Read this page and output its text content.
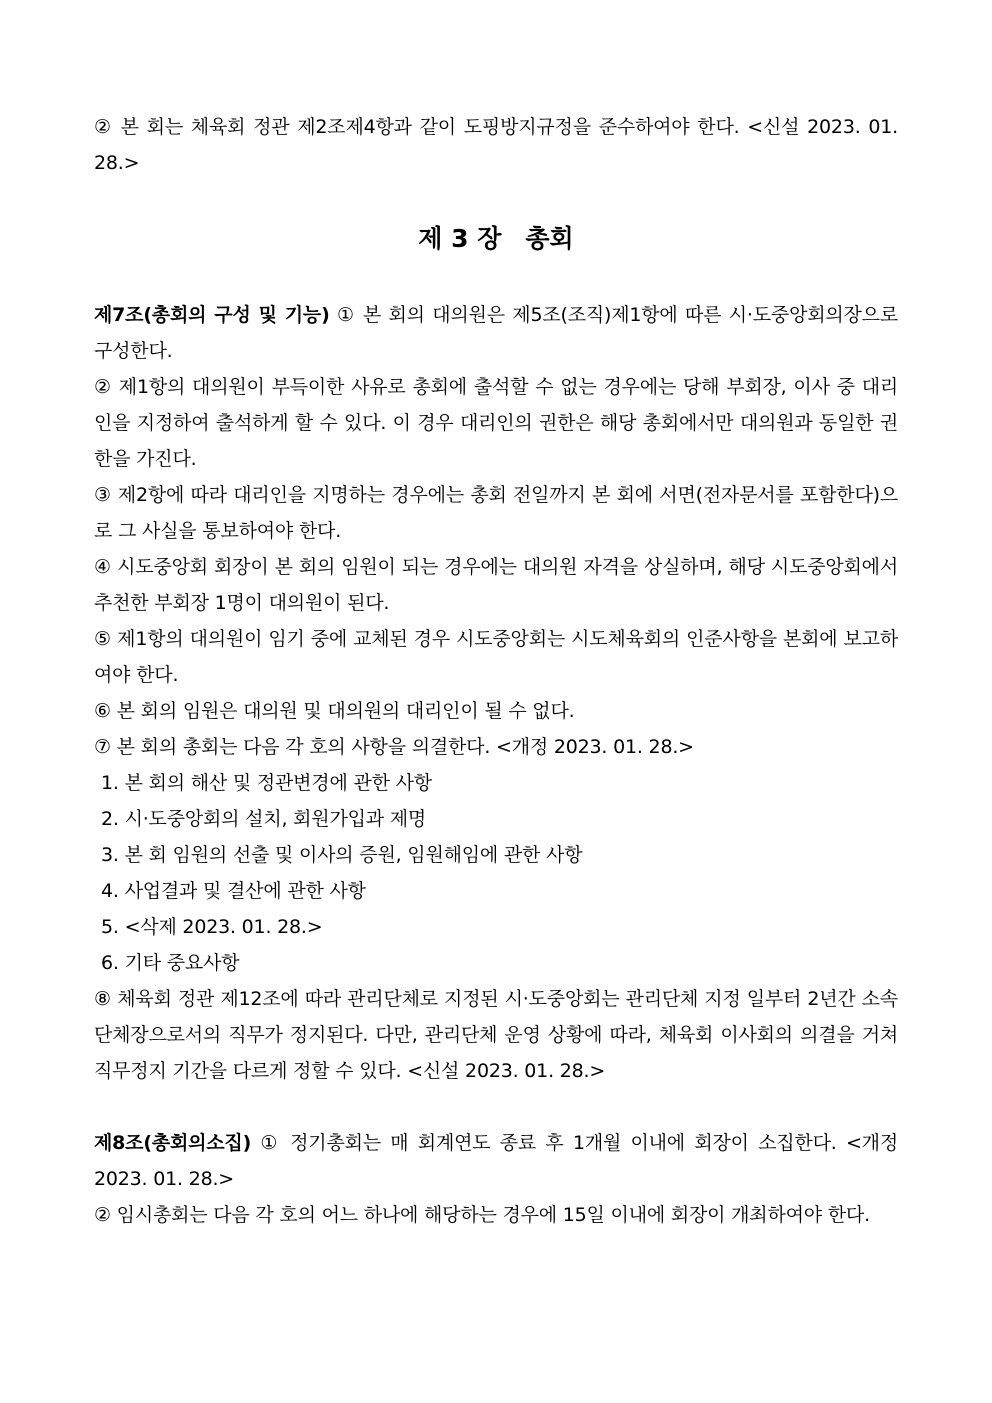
② 본 회는 체육회 정관 제2조제4항과 같이 도핑방지규정을 준수하여야 한다. <신설 2023. 01. 28.>

제 3 장 총회

제7조(총회의 구성 및 기능) ① 본 회의 대의원은 제5조(조직)제1항에 따른 시·도중앙회의장으로 구성한다.

② 제1항의 대의원이 부득이한 사유로 총회에 출석할 수 없는 경우에는 당해 부회장, 이사 중 대리인을 지정하여 출석하게 할 수 있다. 이 경우 대리인의 권한은 해당 총회에서만 대의원과 동일한 권한을 가진다.

③ 제2항에 따라 대리인을 지명하는 경우에는 총회 전일까지 본 회에 서면(전자문서를 포함한다)으로 그 사실을 통보하여야 한다.

④ 시도중앙회 회장이 본 회의 임원이 되는 경우에는 대의원 자격을 상실하며, 해당 시도중앙회에서 추천한 부회장 1명이 대의원이 된다.

⑤ 제1항의 대의원이 임기 중에 교체된 경우 시도중앙회는 시도체육회의 인준사항을 본회에 보고하여야 한다.

⑥ 본 회의 임원은 대의원 및 대의원의 대리인이 될 수 없다.

⑦ 본 회의 총회는 다음 각 호의 사항을 의결한다. <개정 2023. 01. 28.>

1. 본 회의 해산 및 정관변경에 관한 사항

2. 시·도중앙회의 설치, 회원가입과 제명

3. 본 회 임원의 선출 및 이사의 증원, 임원해임에 관한 사항

4. 사업결과 및 결산에 관한 사항

5. <삭제 2023. 01. 28.>

6. 기타 중요사항

⑧ 체육회 정관 제12조에 따라 관리단체로 지정된 시·도중앙회는 관리단체 지정 일부터 2년간 소속 단체장으로서의 직무가 정지된다. 다만, 관리단체 운영 상황에 따라, 체육회 이사회의 의결을 거쳐 직무정지 기간을 다르게 정할 수 있다. <신설 2023. 01. 28.>

제8조(총회의소집) ① 정기총회는 매 회계연도 종료 후 1개월 이내에 회장이 소집한다. <개정 2023. 01. 28.>

② 임시총회는 다음 각 호의 어느 하나에 해당하는 경우에 15일 이내에 회장이 개최하여야 한다.
